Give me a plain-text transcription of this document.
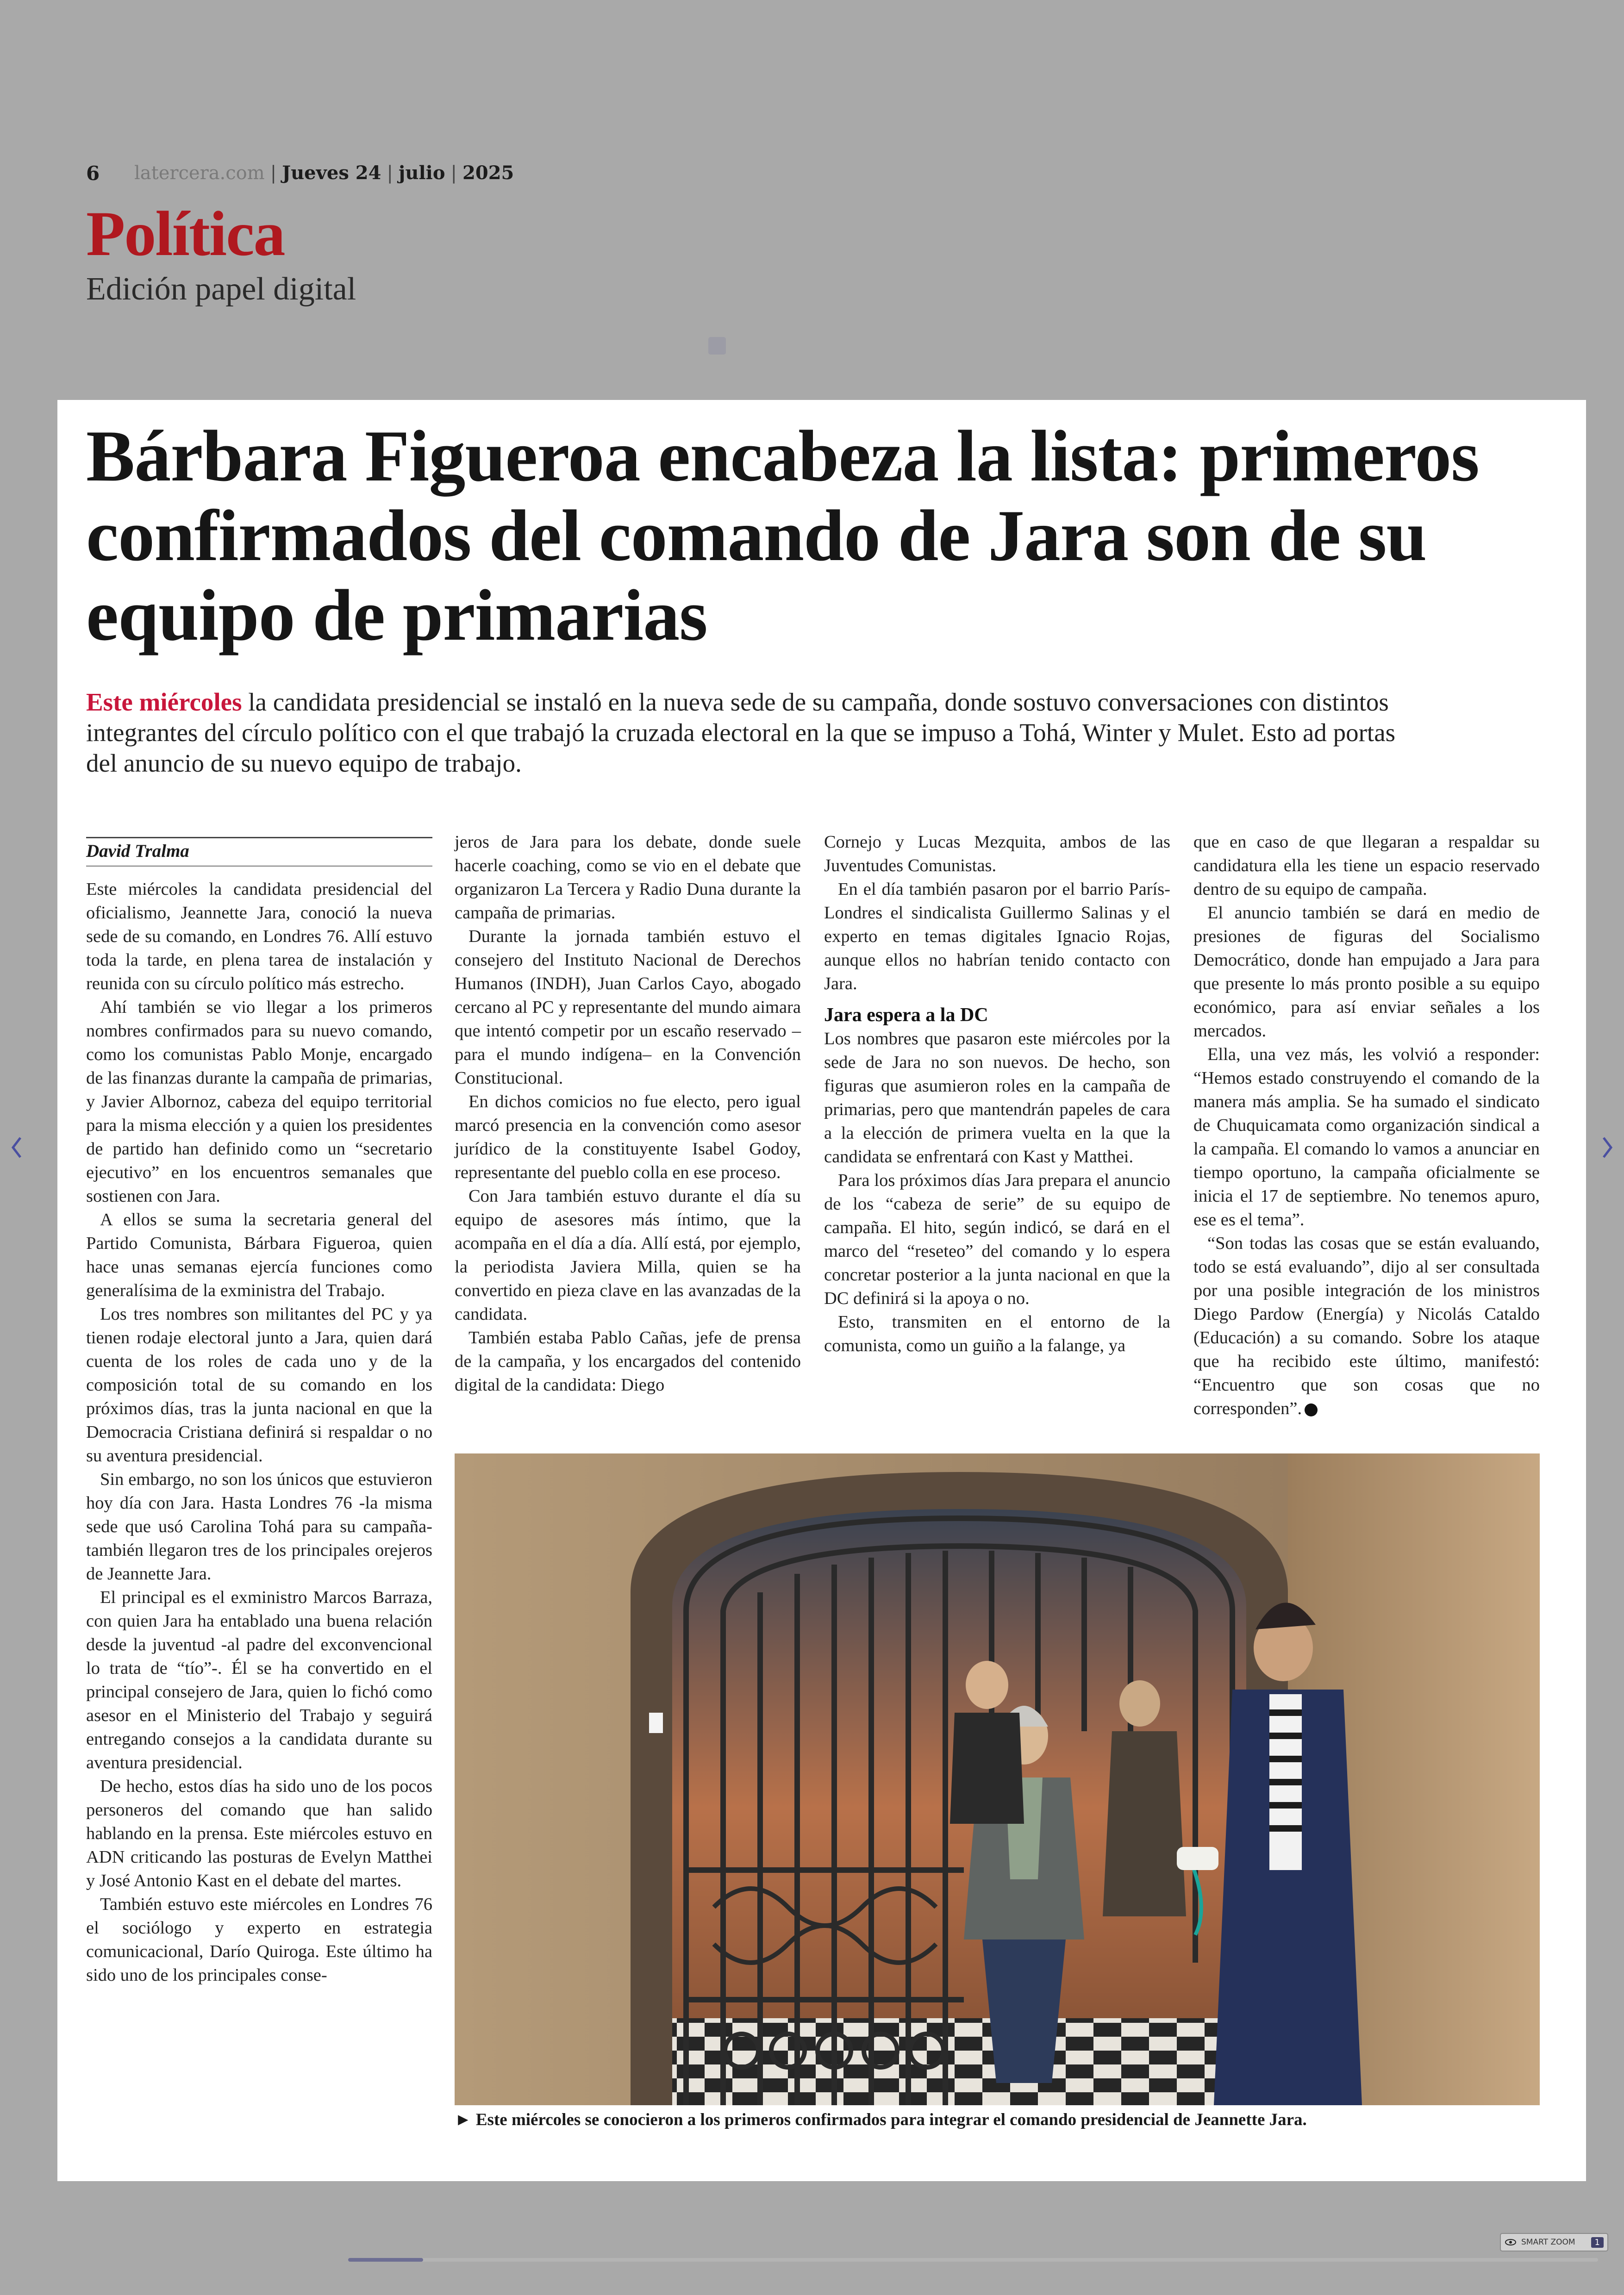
6 latercera.com | Jueves 24 | julio | 2025
Política
Edición papel digital
Bárbara Figueroa encabeza la lista: primeros confirmados del comando de Jara son de su equipo de primarias
Este miércoles la candidata presidencial se instaló en la nueva sede de su campaña, donde sostuvo conversaciones con distintos integrantes del círculo político con el que trabajó la cruzada electoral en la que se impuso a Tohá, Winter y Mulet. Esto ad portas del anuncio de su nuevo equipo de trabajo.
David Tralma

Este miércoles la candidata presidencial del oficialismo, Jeannette Jara, conoció la nueva sede de su comando, en Londres 76. Allí estuvo toda la tarde, en plena tarea de instalación y reunida con su círculo político más estrecho.

Ahí también se vio llegar a los primeros nombres confirmados para su nuevo comando, como los comunistas Pablo Monje, encargado de las finanzas durante la campaña de primarias, y Javier Albornoz, cabeza del equipo territorial para la misma elección y a quien los presidentes de partido han definido como un “secretario ejecutivo” en los encuentros semanales que sostienen con Jara.

A ellos se suma la secretaria general del Partido Comunista, Bárbara Figueroa, quien hace unas semanas ejercía funciones como generalísima de la exministra del Trabajo.

Los tres nombres son militantes del PC y ya tienen rodaje electoral junto a Jara, quien dará cuenta de los roles de cada uno y de la composición total de su comando en los próximos días, tras la junta nacional en que la Democracia Cristiana definirá si respaldar o no su aventura presidencial.

Sin embargo, no son los únicos que estuvieron hoy día con Jara. Hasta Londres 76 -la misma sede que usó Carolina Tohá para su campaña- también llegaron tres de los principales orejeros de Jeannette Jara.

El principal es el exministro Marcos Barraza, con quien Jara ha entablado una buena relación desde la juventud -al padre del exconvencional lo trata de “tío”-. Él se ha convertido en el principal consejero de Jara, quien lo fichó como asesor en el Ministerio del Trabajo y seguirá entregando consejos a la candidata durante su aventura presidencial.

De hecho, estos días ha sido uno de los pocos personeros del comando que han salido hablando en la prensa. Este miércoles estuvo en ADN criticando las posturas de Evelyn Matthei y José Antonio Kast en el debate del martes.

También estuvo este miércoles en Londres 76 el sociólogo y experto en estrategia comunicacional, Darío Quiroga. Este último ha sido uno de los principales conse-

jeros de Jara para los debate, donde suele hacerle coaching, como se vio en el debate que organizaron La Tercera y Radio Duna durante la campaña de primarias.

Durante la jornada también estuvo el consejero del Instituto Nacional de Derechos Humanos (INDH), Juan Carlos Cayo, abogado cercano al PC y representante del mundo aimara que intentó competir por un escaño reservado –para el mundo indígena– en la Convención Constitucional.

En dichos comicios no fue electo, pero igual marcó presencia en la convención como asesor jurídico de la constituyente Isabel Godoy, representante del pueblo colla en ese proceso.

Con Jara también estuvo durante el día su equipo de asesores más íntimo, que la acompaña en el día a día. Allí está, por ejemplo, la periodista Javiera Milla, quien se ha convertido en pieza clave en las avanzadas de la candidata.

También estaba Pablo Cañas, jefe de prensa de la campaña, y los encargados del contenido digital de la candidata: Diego

Cornejo y Lucas Mezquita, ambos de las Juventudes Comunistas.

En el día también pasaron por el barrio París-Londres el sindicalista Guillermo Salinas y el experto en temas digitales Ignacio Rojas, aunque ellos no habrían tenido contacto con Jara.

Jara espera a la DC

Los nombres que pasaron este miércoles por la sede de Jara no son nuevos. De hecho, son figuras que asumieron roles en la campaña de primarias, pero que mantendrán papeles de cara a la elección de primera vuelta en la que la candidata se enfrentará con Kast y Matthei.

Para los próximos días Jara prepara el anuncio de los “cabeza de serie” de su equipo de campaña. El hito, según indicó, se dará en el marco del “reseteo” del comando y lo espera concretar posterior a la junta nacional en que la DC definirá si la apoya o no.

Esto, transmiten en el entorno de la comunista, como un guiño a la falange, ya

que en caso de que llegaran a respaldar su candidatura ella les tiene un espacio reservado dentro de su equipo de campaña.

El anuncio también se dará en medio de presiones de figuras del Socialismo Democrático, donde han empujado a Jara para que presente lo más pronto posible a su equipo económico, para así enviar señales a los mercados.

Ella, una vez más, les volvió a responder: “Hemos estado construyendo el comando de la manera más amplia. Se ha sumado el sindicato de Chuquicamata como organización sindical a la campaña. El comando lo vamos a anunciar en tiempo oportuno, la campaña oficialmente se inicia el 17 de septiembre. No tenemos apuro, ese es el tema”.

“Son todas las cosas que se están evaluando, todo se está evaluando”, dijo al ser consultada por una posible integración de los ministros Diego Pardow (Energía) y Nicolás Cataldo (Educación) a su comando. Sobre los ataque que ha recibido este último, manifestó: “Encuentro que son cosas que no corresponden”.

► Este miércoles se conocieron a los primeros confirmados para integrar el comando presidencial de Jeannette Jara.
SMART ZOOM	1
